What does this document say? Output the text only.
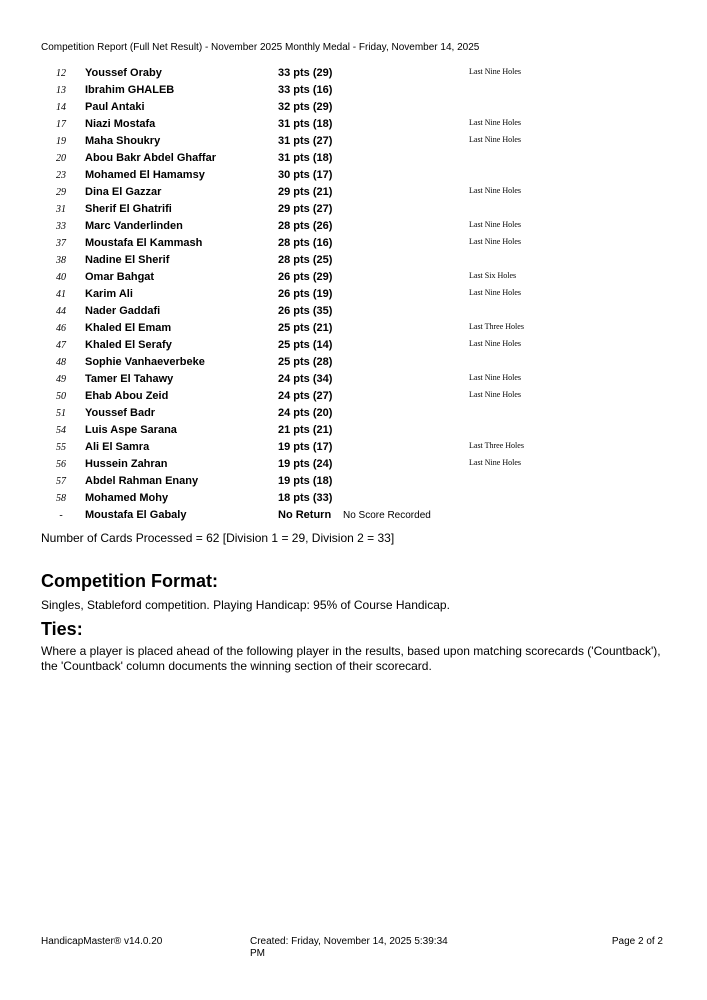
Competition Report (Full Net Result) - November 2025 Monthly Medal - Friday, November 14, 2025
12	Youssef Oraby	33 pts (29)	Last Nine Holes
13	Ibrahim GHALEB	33 pts (16)
14	Paul Antaki	32 pts (29)
17	Niazi Mostafa	31 pts (18)	Last Nine Holes
19	Maha Shoukry	31 pts (27)	Last Nine Holes
20	Abou Bakr Abdel Ghaffar	31 pts (18)
23	Mohamed El Hamamsy	30 pts (17)
29	Dina El Gazzar	29 pts (21)	Last Nine Holes
31	Sherif El Ghatrifi	29 pts (27)
33	Marc Vanderlinden	28 pts (26)	Last Nine Holes
37	Moustafa El Kammash	28 pts (16)	Last Nine Holes
38	Nadine El Sherif	28 pts (25)
40	Omar Bahgat	26 pts (29)	Last Six Holes
41	Karim Ali	26 pts (19)	Last Nine Holes
44	Nader Gaddafi	26 pts (35)
46	Khaled El Emam	25 pts (21)	Last Three Holes
47	Khaled El Serafy	25 pts (14)	Last Nine Holes
48	Sophie Vanhaeverbeke	25 pts (28)
49	Tamer El Tahawy	24 pts (34)	Last Nine Holes
50	Ehab Abou Zeid	24 pts (27)	Last Nine Holes
51	Youssef Badr	24 pts (20)
54	Luis Aspe Sarana	21 pts (21)
55	Ali El Samra	19 pts (17)	Last Three Holes
56	Hussein Zahran	19 pts (24)	Last Nine Holes
57	Abdel Rahman Enany	19 pts (18)
58	Mohamed Mohy	18 pts (33)
-	Moustafa El Gabaly	No Return No Score Recorded
Number of Cards Processed = 62 [Division 1 = 29, Division 2 = 33]
Competition Format:
Singles, Stableford competition. Playing Handicap: 95% of Course Handicap.
Ties:
Where a player is placed ahead of the following player in the results, based upon matching scorecards ('Countback'), the 'Countback' column documents the winning section of their scorecard.
HandicapMaster® v14.0.20	Created: Friday, November 14, 2025 5:39:34 PM
Page 2 of 2
